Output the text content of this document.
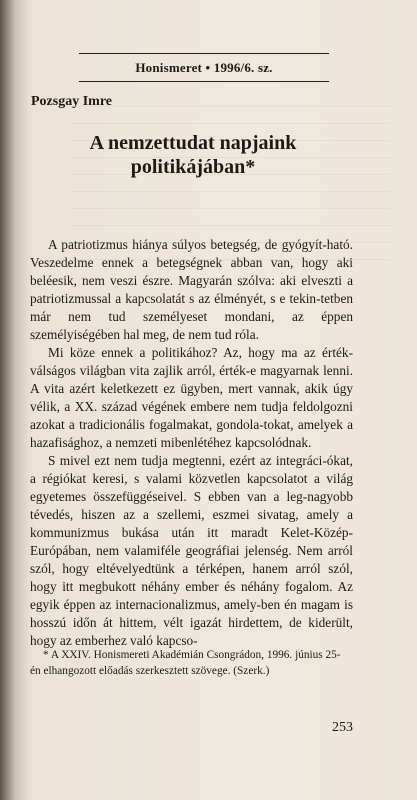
Honismeret • 1996/6. sz.
Pozsgay Imre
A nemzettudat napjaink politikájában*

A patriotizmus hiánya súlyos betegség, de gyógyít-ható. Veszedelme ennek a betegségnek abban van, hogy aki beléesik, nem veszi észre. Magyarán szólva: aki elveszti a patriotizmussal a kapcsolatát s az élményét, s e tekin-tetben már nem tud személyeset mondani, az éppen személyiségében hal meg, de nem tud róla.

Mi köze ennek a politikához? Az, hogy ma az érték-válságos világban vita zajlik arról, érték-e magyarnak lenni. A vita azért keletkezett ez ügyben, mert vannak, akik úgy vélik, a XX. század végének embere nem tudja feldolgozni azokat a tradicionális fogalmakat, gondola-tokat, amelyek a hazafisághoz, a nemzeti mibenlétéhez kapcsolódnak.

S mivel ezt nem tudja megtenni, ezért az integráci-ókat, a régiókat keresi, s valami közvetlen kapcsolatot a világ egyetemes összefüggéseivel. S ebben van a leg-nagyobb tévedés, hiszen az a szellemi, eszmei sivatag, amely a kommunizmus bukása után itt maradt Kelet-Közép-Európában, nem valamiféle geográfiai jelenség. Nem arról szól, hogy eltévelyedtünk a térképen, hanem arról szól, hogy itt megbukott néhány ember és néhány fogalom. Az egyik éppen az internacionalizmus, amely-ben én magam is hosszú időn át hittem, vélt igazát hirdettem, de kiderült, hogy az emberhez való kapcso-

* A XXIV. Honismereti Akadémián Csongrádon, 1996. június 25-én elhangozott előadás szerkesztett szövege. (Szerk.)

253
